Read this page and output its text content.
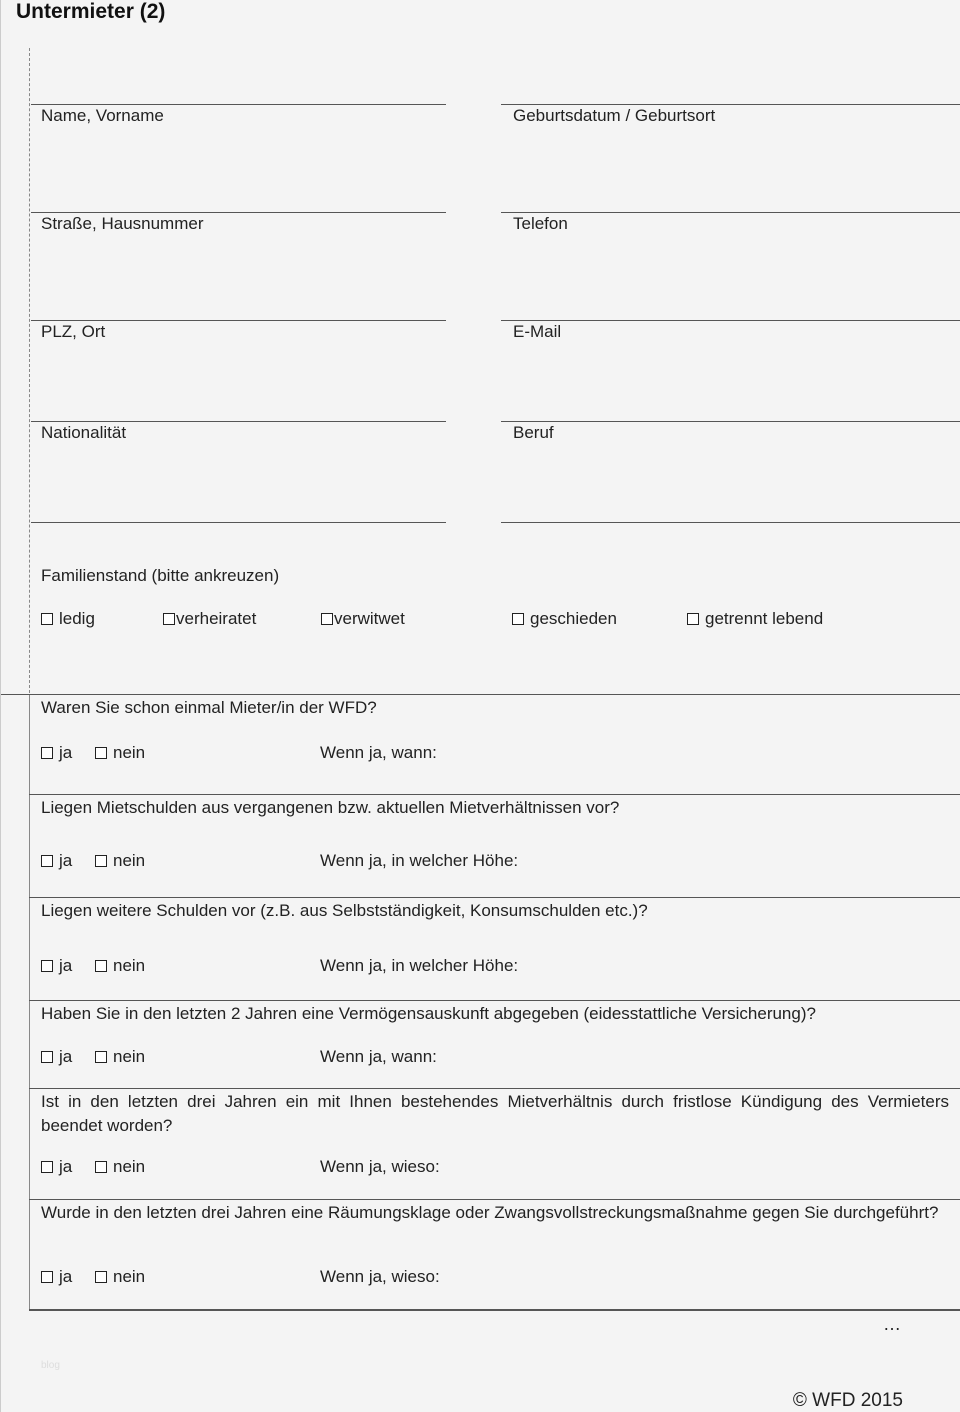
Untermieter (2)
Name, Vorname	Geburtsdatum / Geburtsort
Straße, Hausnummer	Telefon
PLZ, Ort	E-Mail
Nationalität	Beruf
Familienstand (bitte ankreuzen)
ledig	verheiratet	verwitwet	geschieden	getrennt lebend
Waren Sie schon einmal Mieter/in der WFD?
ja	nein	Wenn ja, wann:
Liegen Mietschulden aus vergangenen bzw. aktuellen Mietverhältnissen vor?
ja	nein	Wenn ja, in welcher Höhe:
Liegen weitere Schulden vor (z.B. aus Selbstständigkeit, Konsumschulden etc.)?
ja	nein	Wenn ja, in welcher Höhe:
Haben Sie in den letzten 2 Jahren eine Vermögensauskunft abgegeben (eidesstattliche Versicherung)?
ja	nein	Wenn ja, wann:
Ist in den letzten drei Jahren ein mit Ihnen bestehendes Mietverhältnis durch fristlose Kündigung des Vermieters beendet worden?
ja	nein	Wenn ja, wieso:
Wurde in den letzten drei Jahren eine Räumungsklage oder Zwangsvollstreckungsmaßnahme gegen Sie durchgeführt?
ja	nein	Wenn ja, wieso:
…
blog
© WFD 2015
